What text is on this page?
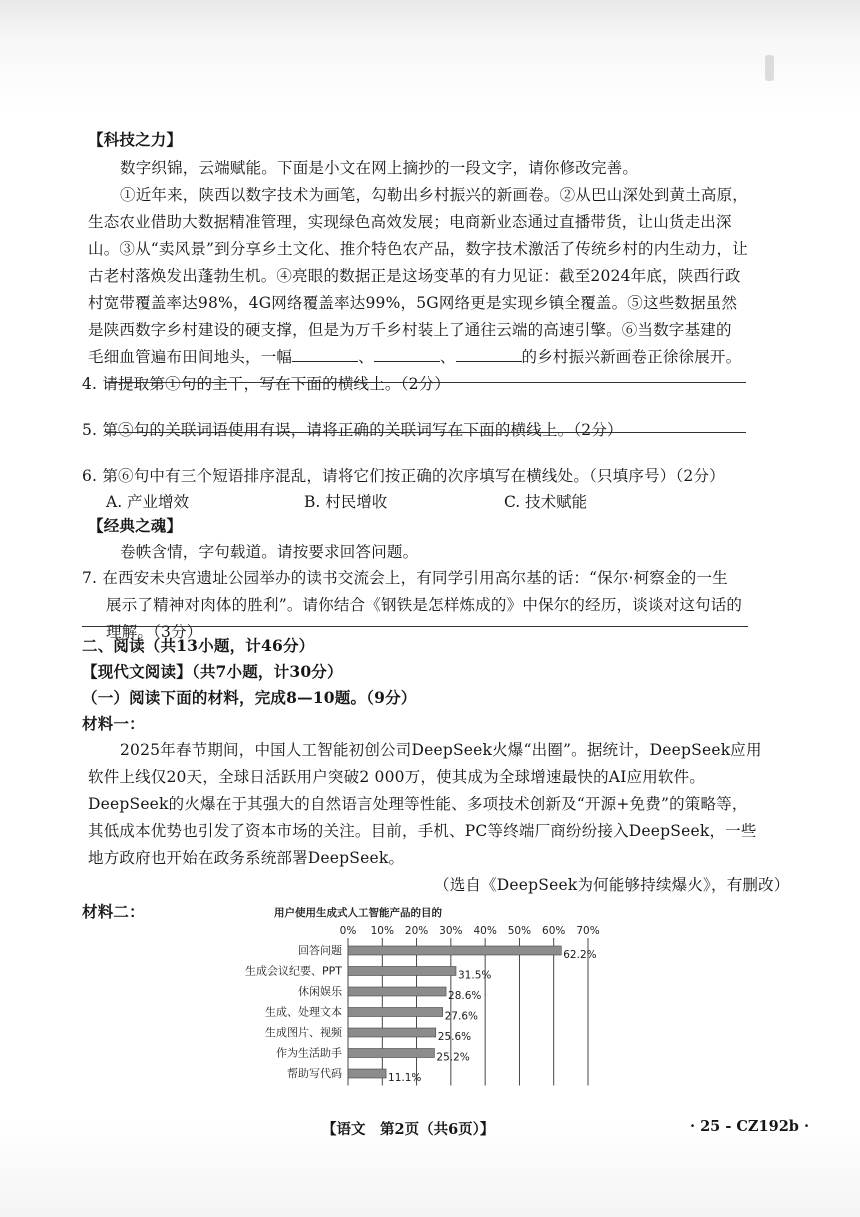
【科技之力】
数字织锦，云端赋能。下面是小文在网上摘抄的一段文字，请你修改完善。
①近年来，陕西以数字技术为画笔，勾勒出乡村振兴的新画卷。②从巴山深处到黄土高原，
生态农业借助大数据精准管理，实现绿色高效发展；电商新业态通过直播带货，让山货走出深
山。③从“卖风景”到分享乡土文化、推介特色农产品，数字技术激活了传统乡村的内生动力，让
古老村落焕发出蓬勃生机。④亮眼的数据正是这场变革的有力见证：截至2024年底，陕西行政
村宽带覆盖率达98%，4G网络覆盖率达99%，5G网络更是实现乡镇全覆盖。⑤这些数据虽然
是陕西数字乡村建设的硬支撑，但是为万千乡村装上了通往云端的高速引擎。⑥当数字基建的
毛细血管遍布田间地头，一幅	、	、	的乡村振兴新画卷正徐徐展开。
4. 请提取第①句的主干，写在下面的横线上。（2分）
5. 第⑤句的关联词语使用有误，请将正确的关联词写在下面的横线上。（2分）
6. 第⑥句中有三个短语排序混乱，请将它们按正确的次序填写在横线处。（只填序号）（2分）
A. 产业增效	B. 村民增收	C. 技术赋能
【经典之魂】
卷帙含情，字句载道。请按要求回答问题。
7. 在西安未央宫遗址公园举办的读书交流会上，有同学引用高尔基的话：“保尔·柯察金的一生
展示了精神对肉体的胜利”。请你结合《钢铁是怎样炼成的》中保尔的经历，谈谈对这句话的
理解。（3分）
二、阅读（共13小题，计46分）
【现代文阅读】（共7小题，计30分）
（一）阅读下面的材料，完成8—10题。（9分）
材料一：
2025年春节期间，中国人工智能初创公司DeepSeek火爆“出圈”。据统计，DeepSeek应用
软件上线仅20天，全球日活跃用户突破2 000万，使其成为全球增速最快的AI应用软件。
DeepSeek的火爆在于其强大的自然语言处理等性能、多项技术创新及“开源+免费”的策略等，
其低成本优势也引发了资本市场的关注。目前，手机、PC等终端厂商纷纷接入DeepSeek，一些
地方政府也开始在政务系统部署DeepSeek。
（选自《DeepSeek为何能够持续爆火》，有删改）
材料二：	用户使用生成式人工智能产品的目的
0% 10% 20% 30% 40% 50% 60% 70%
回答问题
生成会议纪要、PPT
休闲娱乐
生成、处理文本
生成图片、视频
作为生活助手
帮助写代码
62.2%
31.5%
28.6%
27.6%
25.6%
25.2%
11.1%
【语文　第2页（共6页）】	· 25 - CZ192b ·
